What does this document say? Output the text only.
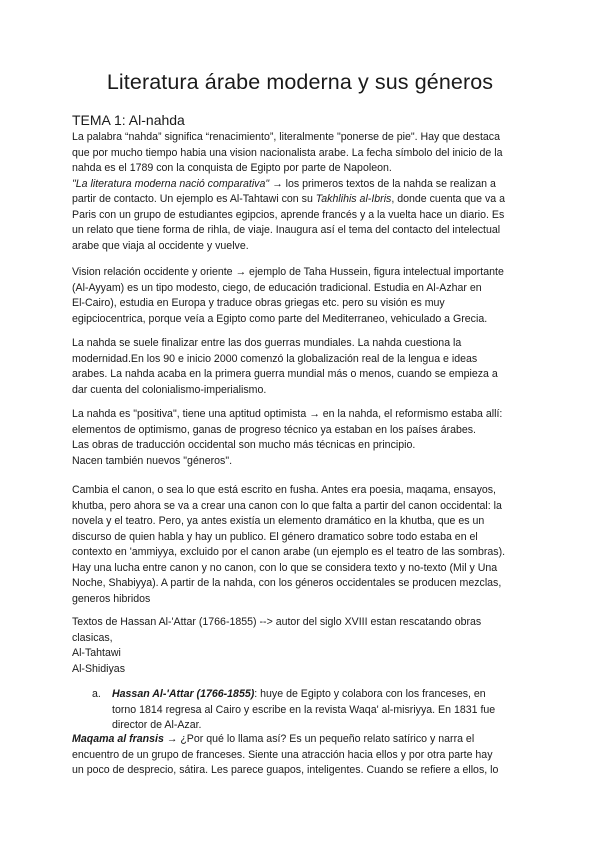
Literatura árabe moderna y sus géneros
TEMA 1: Al-nahda
La palabra “nahda” significa “renacimiento”, literalmente "ponerse de pie". Hay que destaca
que por mucho tiempo habia una vision nacionalista arabe. La fecha símbolo del inicio de la
nahda es el 1789 con la conquista de Egipto por parte de Napoleon.
"La literatura moderna nació comparativa" → los primeros textos de la nahda se realizan a
partir de contacto. Un ejemplo es Al-Tahtawi con su Takhlihis al-Ibris, donde cuenta que va a
Paris con un grupo de estudiantes egipcios, aprende francés y a la vuelta hace un diario. Es
un relato que tiene forma de rihla, de viaje. Inaugura así el tema del contacto del intelectual
arabe que viaja al occidente y vuelve.
Vision relación occidente y oriente → ejemplo de Taha Hussein, figura intelectual importante
(Al-Ayyam) es un tipo modesto, ciego, de educación tradicional. Estudia en Al-Azhar en
El-Cairo), estudia en Europa y traduce obras griegas etc. pero su visión es muy
egipciocentrica, porque veía a Egipto como parte del Mediterraneo, vehiculado a Grecia.
La nahda se suele finalizar entre las dos guerras mundiales. La nahda cuestiona la
modernidad.En los 90 e inicio 2000 comenzó la globalización real de la lengua e ideas
arabes. La nahda acaba en la primera guerra mundial más o menos, cuando se empieza a
dar cuenta del colonialismo-imperialismo.
La nahda es "positiva", tiene una aptitud optimista → en la nahda, el reformismo estaba allí:
elementos de optimismo, ganas de progreso técnico ya estaban en los países árabes.
Las obras de traducción occidental son mucho más técnicas en principio.
Nacen también nuevos "géneros".
Cambia el canon, o sea lo que está escrito en fusha. Antes era poesia, maqama, ensayos,
khutba, pero ahora se va a crear una canon con lo que falta a partir del canon occidental: la
novela y el teatro. Pero, ya antes existía un elemento dramático en la khutba, que es un
discurso de quien habla y hay un publico. El género dramatico sobre todo estaba en el
contexto en 'ammiyya, excluido por el canon arabe (un ejemplo es el teatro de las sombras).
Hay una lucha entre canon y no canon, con lo que se considera texto y no-texto (Mil y Una
Noche, Shabiyya). A partir de la nahda, con los géneros occidentales se producen mezclas,
generos hibridos
Textos de Hassan Al-'Attar (1766-1855) --> autor del siglo XVIII estan rescatando obras
clasicas,
Al-Tahtawi
Al-Shidiyas
a. Hassan Al-'Attar (1766-1855): huye de Egipto y colabora con los franceses, en
torno 1814 regresa al Cairo y escribe en la revista Waqa' al-misriyya. En 1831 fue
director de Al-Azar.
Maqama al fransis → ¿Por qué lo llama así? Es un pequeño relato satírico y narra el
encuentro de un grupo de franceses. Siente una atracción hacia ellos y por otra parte hay
un poco de desprecio, sátira. Les parece guapos, inteligentes. Cuando se refiere a ellos, lo
